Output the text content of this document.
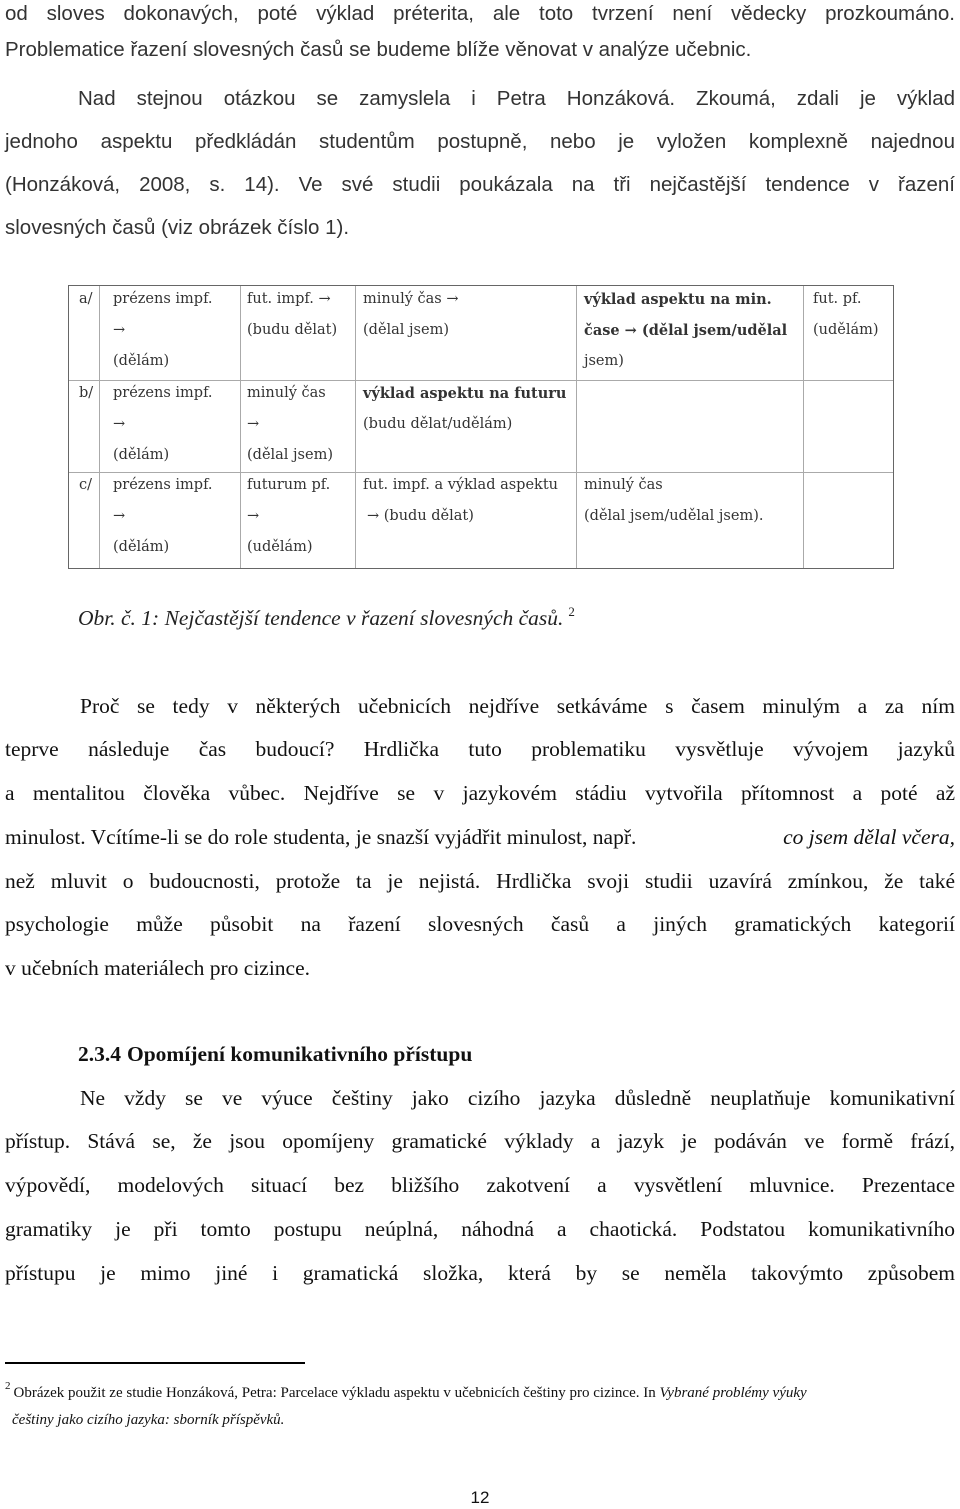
od sloves dokonavých, poté výklad préterita, ale toto tvrzení není vědecky prozkoumáno.
Problematice řazení slovesných časů se budeme blíže věnovat v analýze učebnic.
Nad stejnou otázkou se zamyslela i Petra Honzáková. Zkoumá, zdali je výklad
jednoho aspektu předkládán studentům postupně, nebo je vyložen komplexně najednou
(Honzáková, 2008, s. 14). Ve své studii poukázala na tři nejčastější tendence v řazení
slovesných časů (viz obrázek číslo 1).
a/
b/
c/
prézens impf.
→
(dělám)
fut. impf. →
(budu dělat)
minulý čas →
(dělal jsem)
výklad aspektu na min.
čase → (dělal jsem/udělal
jsem)
fut. pf.
(udělám)
prézens impf.
→
(dělám)
minulý čas
→
(dělal jsem)
výklad aspektu na futuru
(budu dělat/udělám)
prézens impf.
→
(dělám)
futurum pf.
→
(udělám)
fut. impf. a výklad aspektu
→ (budu dělat)
minulý čas
(dělal jsem/udělal jsem).
Obr. č. 1: Nejčastější tendence v řazení slovesných časů. $^2$
Proč se tedy v některých učebnicích nejdříve setkáváme s časem minulým a za ním
teprve následuje čas budoucí? Hrdlička tuto problematiku vysvětluje vývojem jazyků
a mentalitou člověka vůbec. Nejdříve se v jazykovém stádiu vytvořila přítomnost a poté až
minulost. Vcítíme-li se do role studenta, je snazší vyjádřit minulost, např.	co jsem dělal včera,
než mluvit o budoucnosti, protože ta je nejistá. Hrdlička svoji studii uzavírá zmínkou, že také
psychologie může působit na řazení slovesných časů a jiných gramatických kategorií
v učebních materiálech pro cizince.
2.3.4 Opomíjení komunikativního přístupu
Ne vždy se ve výuce češtiny jako cizího jazyka důsledně neuplatňuje komunikativní
přístup. Stává se, že jsou opomíjeny gramatické výklady a jazyk je podáván ve formě frází,
výpovědí, modelových situací bez bližšího zakotvení a vysvětlení mluvnice. Prezentace
gramatiky je při tomto postupu neúplná, náhodná a chaotická. Podstatou komunikativního
přístupu je mimo jiné i gramatická složka, která by se neměla takovýmto způsobem
$^2$ Obrázek použit ze studie Honzáková, Petra: Parcelace výkladu aspektu v učebnicích češtiny pro cizince. In Vybrané problémy výuky
češtiny jako cizího jazyka: sborník příspěvků.
12
